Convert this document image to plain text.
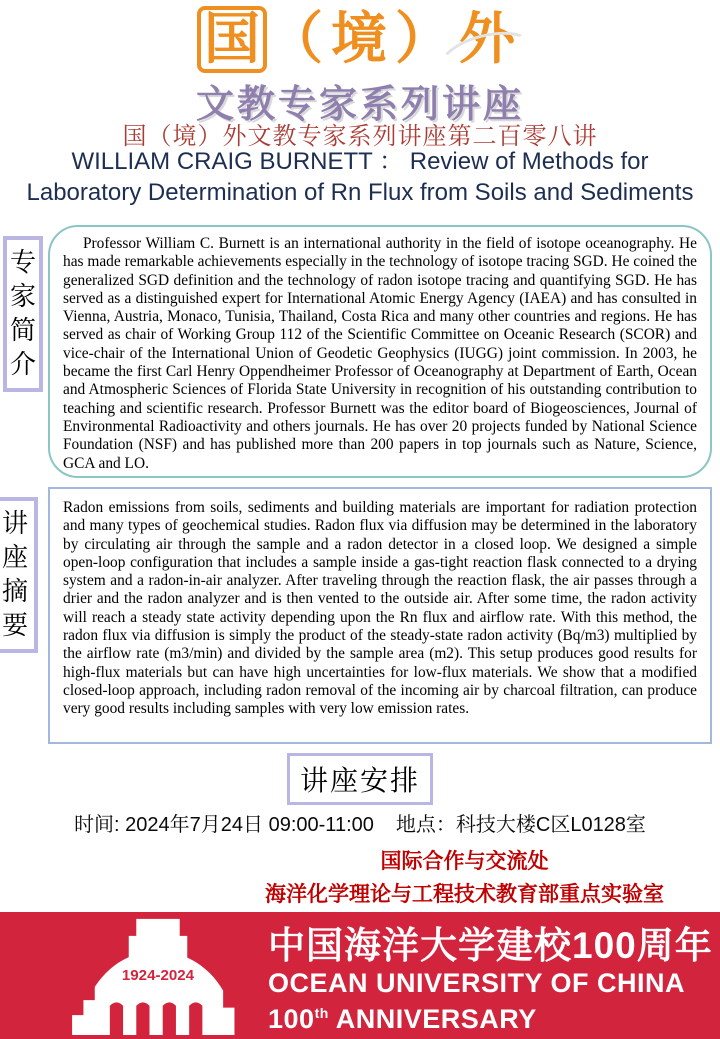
国 （境）外
文教专家系列讲座
国（境）外文教专家系列讲座第二百零八讲
WILLIAM CRAIG BURNETT ： Review of Methods for
Laboratory Determination of Rn Flux from Soils and Sediments
Professor William C. Burnett is an international authority in the field of isotope oceanography. He has made remarkable achievements especially in the technology of isotope tracing SGD. He coined the generalized SGD definition and the technology of radon isotope tracing and quantifying SGD. He has served as a distinguished expert for International Atomic Energy Agency (IAEA) and has consulted in Vienna, Austria, Monaco, Tunisia, Thailand, Costa Rica and many other countries and regions. He has served as chair of Working Group 112 of the Scientific Committee on Oceanic Research (SCOR) and vice-chair of the International Union of Geodetic Geophysics (IUGG) joint commission. In 2003, he became the first Carl Henry Oppendheimer Professor of Oceanography at Department of Earth, Ocean and Atmospheric Sciences of Florida State University in recognition of his outstanding contribution to teaching and scientific research. Professor Burnett was the editor board of Biogeosciences, Journal of Environmental Radioactivity and others journals. He has over 20 projects funded by National Science Foundation (NSF) and has published more than 200 papers in top journals such as Nature, Science, GCA and LO.
专
家
简
介
Radon emissions from soils, sediments and building materials are important for radiation protection and many types of geochemical studies. Radon flux via diffusion may be determined in the laboratory by circulating air through the sample and a radon detector in a closed loop. We designed a simple open-loop configuration that includes a sample inside a gas-tight reaction flask connected to a drying system and a radon-in-air analyzer. After traveling through the reaction flask, the air passes through a drier and the radon analyzer and is then vented to the outside air. After some time, the radon activity will reach a steady state activity depending upon the Rn flux and airflow rate. With this method, the radon flux via diffusion is simply the product of the steady-state radon activity (Bq/m3) multiplied by the airflow rate (m3/min) and divided by the sample area (m2). This setup produces good results for high-flux materials but can have high uncertainties for low-flux materials. We show that a modified closed-loop approach, including radon removal of the incoming air by charcoal filtration, can produce very good results including samples with very low emission rates.
讲
座
摘
要
讲座安排
时间: 2024年7月24日 09:00-11:00 地点：科技大楼C区L0128室
国际合作与交流处
海洋化学理论与工程技术教育部重点实验室
1924-2024
中国海洋大学建校100周年
OCEAN UNIVERSITY OF CHINA
100th ANNIVERSARY
